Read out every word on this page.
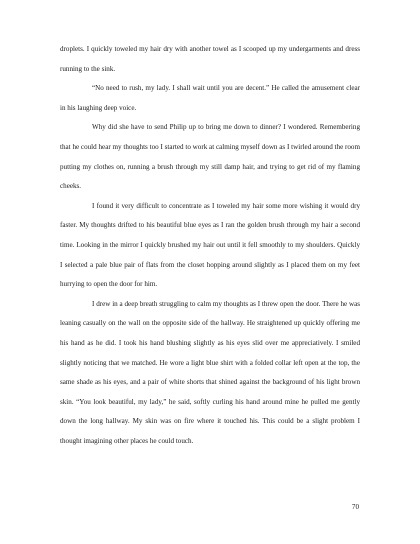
droplets. I quickly toweled my hair dry with another towel as I scooped up my undergarments and dress running to the sink.

“No need to rush, my lady. I shall wait until you are decent.” He called the amusement clear in his laughing deep voice.

Why did she have to send Philip up to bring me down to dinner? I wondered. Remembering that he could hear my thoughts too I started to work at calming myself down as I twirled around the room putting my clothes on, running a brush through my still damp hair, and trying to get rid of my flaming cheeks.

I found it very difficult to concentrate as I toweled my hair some more wishing it would dry faster. My thoughts drifted to his beautiful blue eyes as I ran the golden brush through my hair a second time. Looking in the mirror I quickly brushed my hair out until it fell smoothly to my shoulders. Quickly I selected a pale blue pair of flats from the closet hopping around slightly as I placed them on my feet hurrying to open the door for him.

I drew in a deep breath struggling to calm my thoughts as I threw open the door. There he was leaning casually on the wall on the opposite side of the hallway. He straightened up quickly offering me his hand as he did. I took his hand blushing slightly as his eyes slid over me appreciatively. I smiled slightly noticing that we matched. He wore a light blue shirt with a folded collar left open at the top, the same shade as his eyes, and a pair of white shorts that shined against the background of his light brown skin. “You look beautiful, my lady,” he said, softly curling his hand around mine he pulled me gently down the long hallway. My skin was on fire where it touched his. This could be a slight problem I thought imagining other places he could touch.

70
